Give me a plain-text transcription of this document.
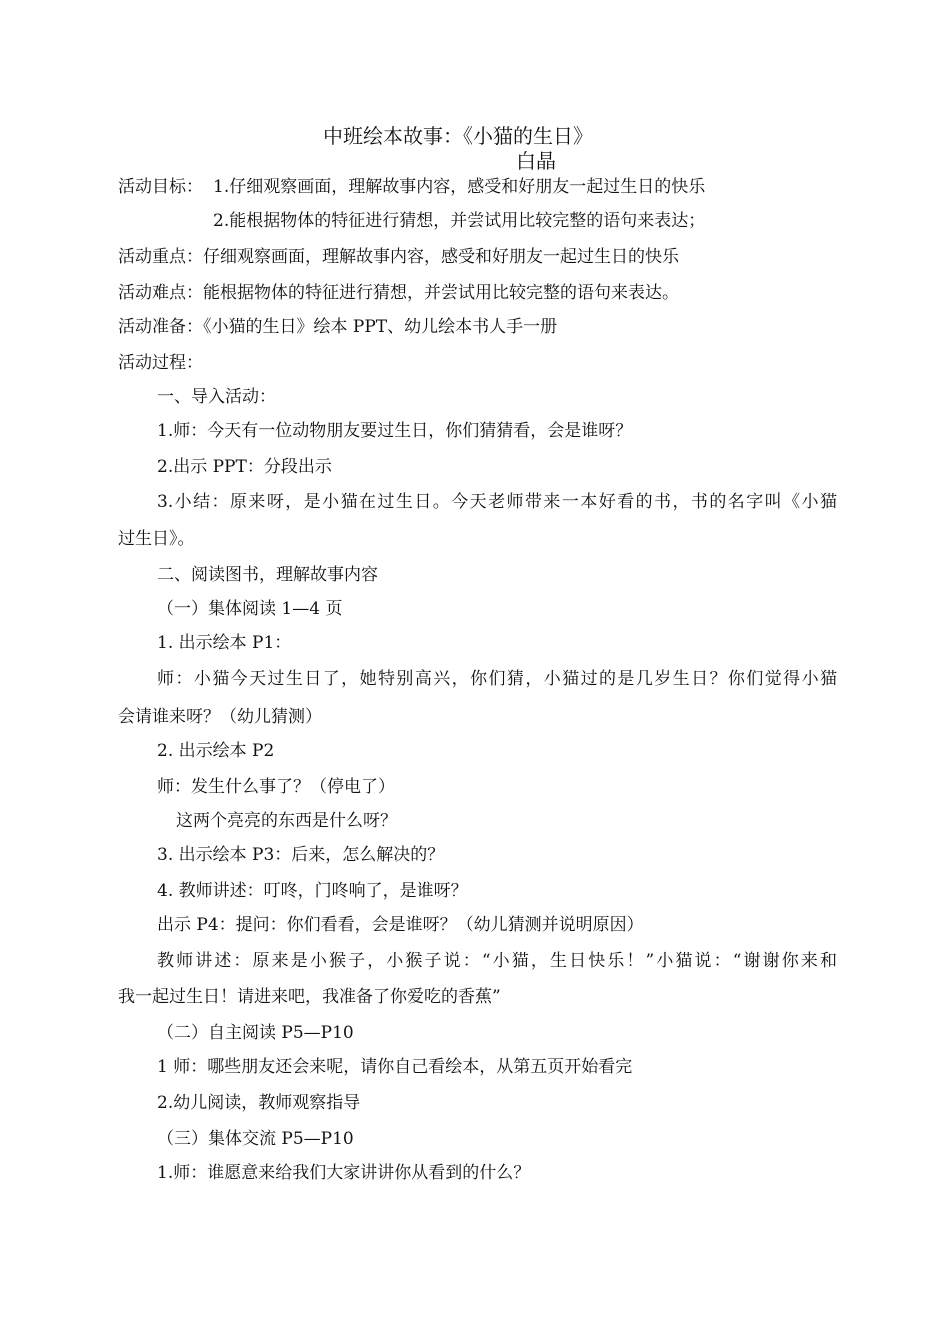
中班绘本故事：《小猫的生日》
白晶
活动目标： 1.仔细观察画面，理解故事内容，感受和好朋友一起过生日的快乐
2.能根据物体的特征进行猜想，并尝试用比较完整的语句来表达；
活动重点：仔细观察画面，理解故事内容，感受和好朋友一起过生日的快乐
活动难点：能根据物体的特征进行猜想，并尝试用比较完整的语句来表达。
活动准备：《小猫的生日》绘本 PPT、幼儿绘本书人手一册
活动过程：
一、导入活动：
1.师：今天有一位动物朋友要过生日，你们猜猜看，会是谁呀？
2.出示 PPT：分段出示
3.小结：原来呀，是小猫在过生日。今天老师带来一本好看的书，书的名字叫《小猫
过生日》。
二、阅读图书，理解故事内容
（一）集体阅读 1—4 页
1. 出示绘本 P1：
师：小猫今天过生日了，她特别高兴，你们猜，小猫过的是几岁生日？你们觉得小猫
会请谁来呀？（幼儿猜测）
2. 出示绘本 P2
师：发生什么事了？（停电了）
这两个亮亮的东西是什么呀？
3. 出示绘本 P3：后来，怎么解决的？
4. 教师讲述：叮咚，门咚响了，是谁呀？
出示 P4：提问：你们看看，会是谁呀？（幼儿猜测并说明原因）
教师讲述：原来是小猴子，小猴子说：“小猫，生日快乐！”小猫说：“谢谢你来和
我一起过生日！请进来吧，我准备了你爱吃的香蕉”
（二）自主阅读 P5—P10
1 师：哪些朋友还会来呢，请你自己看绘本，从第五页开始看完
2.幼儿阅读，教师观察指导
（三）集体交流 P5—P10
1.师：谁愿意来给我们大家讲讲你从看到的什么？
